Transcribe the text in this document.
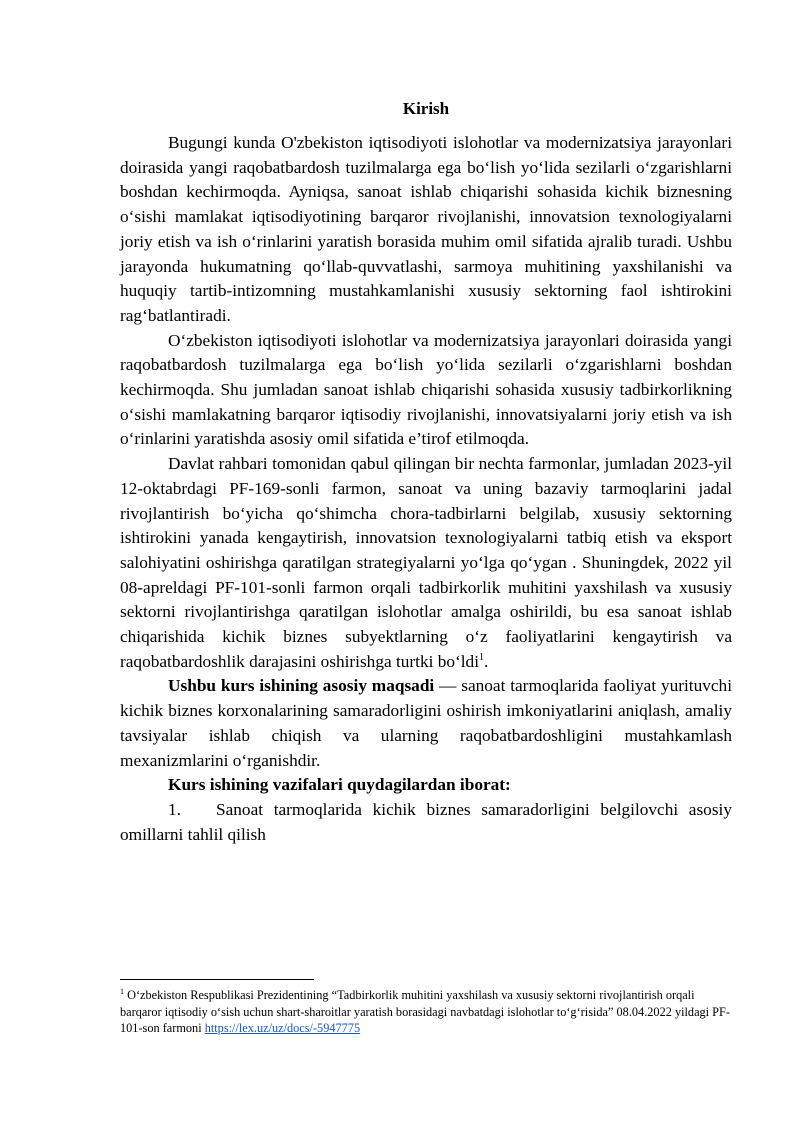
Kirish

Bugungi kunda O'zbekiston iqtisodiyoti islohotlar va modernizatsiya jarayonlari doirasida yangi raqobatbardosh tuzilmalarga ega bo‘lish yo‘lida sezilarli o‘zgarishlarni boshdan kechirmoqda. Ayniqsa, sanoat ishlab chiqarishi sohasida kichik biznesning o‘sishi mamlakat iqtisodiyotining barqaror rivojlanishi, innovatsion texnologiyalarni joriy etish va ish o‘rinlarini yaratish borasida muhim omil sifatida ajralib turadi. Ushbu jarayonda hukumatning qo‘llab-quvvatlashi, sarmoya muhitining yaxshilanishi va huquqiy tartib-intizomning mustahkamlanishi xususiy sektorning faol ishtirokini rag‘batlantiradi.

O‘zbekiston iqtisodiyoti islohotlar va modernizatsiya jarayonlari doirasida yangi raqobatbardosh tuzilmalarga ega bo‘lish yo‘lida sezilarli o‘zgarishlarni boshdan kechirmoqda. Shu jumladan sanoat ishlab chiqarishi sohasida xususiy tadbirkorlikning o‘sishi mamlakatning barqaror iqtisodiy rivojlanishi, innovatsiyalarni joriy etish va ish o‘rinlarini yaratishda asosiy omil sifatida e’tirof etilmoqda.

Davlat rahbari tomonidan qabul qilingan bir nechta farmonlar, jumladan 2023-yil 12-oktabrdagi PF-169-sonli farmon, sanoat va uning bazaviy tarmoqlarini jadal rivojlantirish bo‘yicha qo‘shimcha chora-tadbirlarni belgilab, xususiy sektorning ishtirokini yanada kengaytirish, innovatsion texnologiyalarni tatbiq etish va eksport salohiyatini oshirishga qaratilgan strategiyalarni yo‘lga qo‘ygan . Shuningdek, 2022 yil 08-apreldagi PF-101-sonli farmon orqali tadbirkorlik muhitini yaxshilash va xususiy sektorni rivojlantirishga qaratilgan islohotlar amalga oshirildi, bu esa sanoat ishlab chiqarishida kichik biznes subyektlarning o‘z faoliyatlarini kengaytirish va raqobatbardoshlik darajasini oshirishga turtki bo‘ldi$^1$.

Ushbu kurs ishining asosiy maqsadi — sanoat tarmoqlarida faoliyat yurituvchi kichik biznes korxonalarining samaradorligini oshirish imkoniyatlarini aniqlash, amaliy tavsiyalar ishlab chiqish va ularning raqobatbardoshligini mustahkamlash mexanizmlarini o‘rganishdir.

Kurs ishining vazifalari quydagilardan iborat:

1. Sanoat tarmoqlarida kichik biznes samaradorligini belgilovchi asosiy omillarni tahlil qilish

$^1$ O‘zbekiston Respublikasi Prezidentining “Tadbirkorlik muhitini yaxshilash va xususiy sektorni rivojlantirish orqali barqaror iqtisodiy o‘sish uchun shart-sharoitlar yaratish borasidagi navbatdagi islohotlar to‘g‘risida” 08.04.2022 yildagi PF-101-son farmoni https://lex.uz/uz/docs/-5947775
